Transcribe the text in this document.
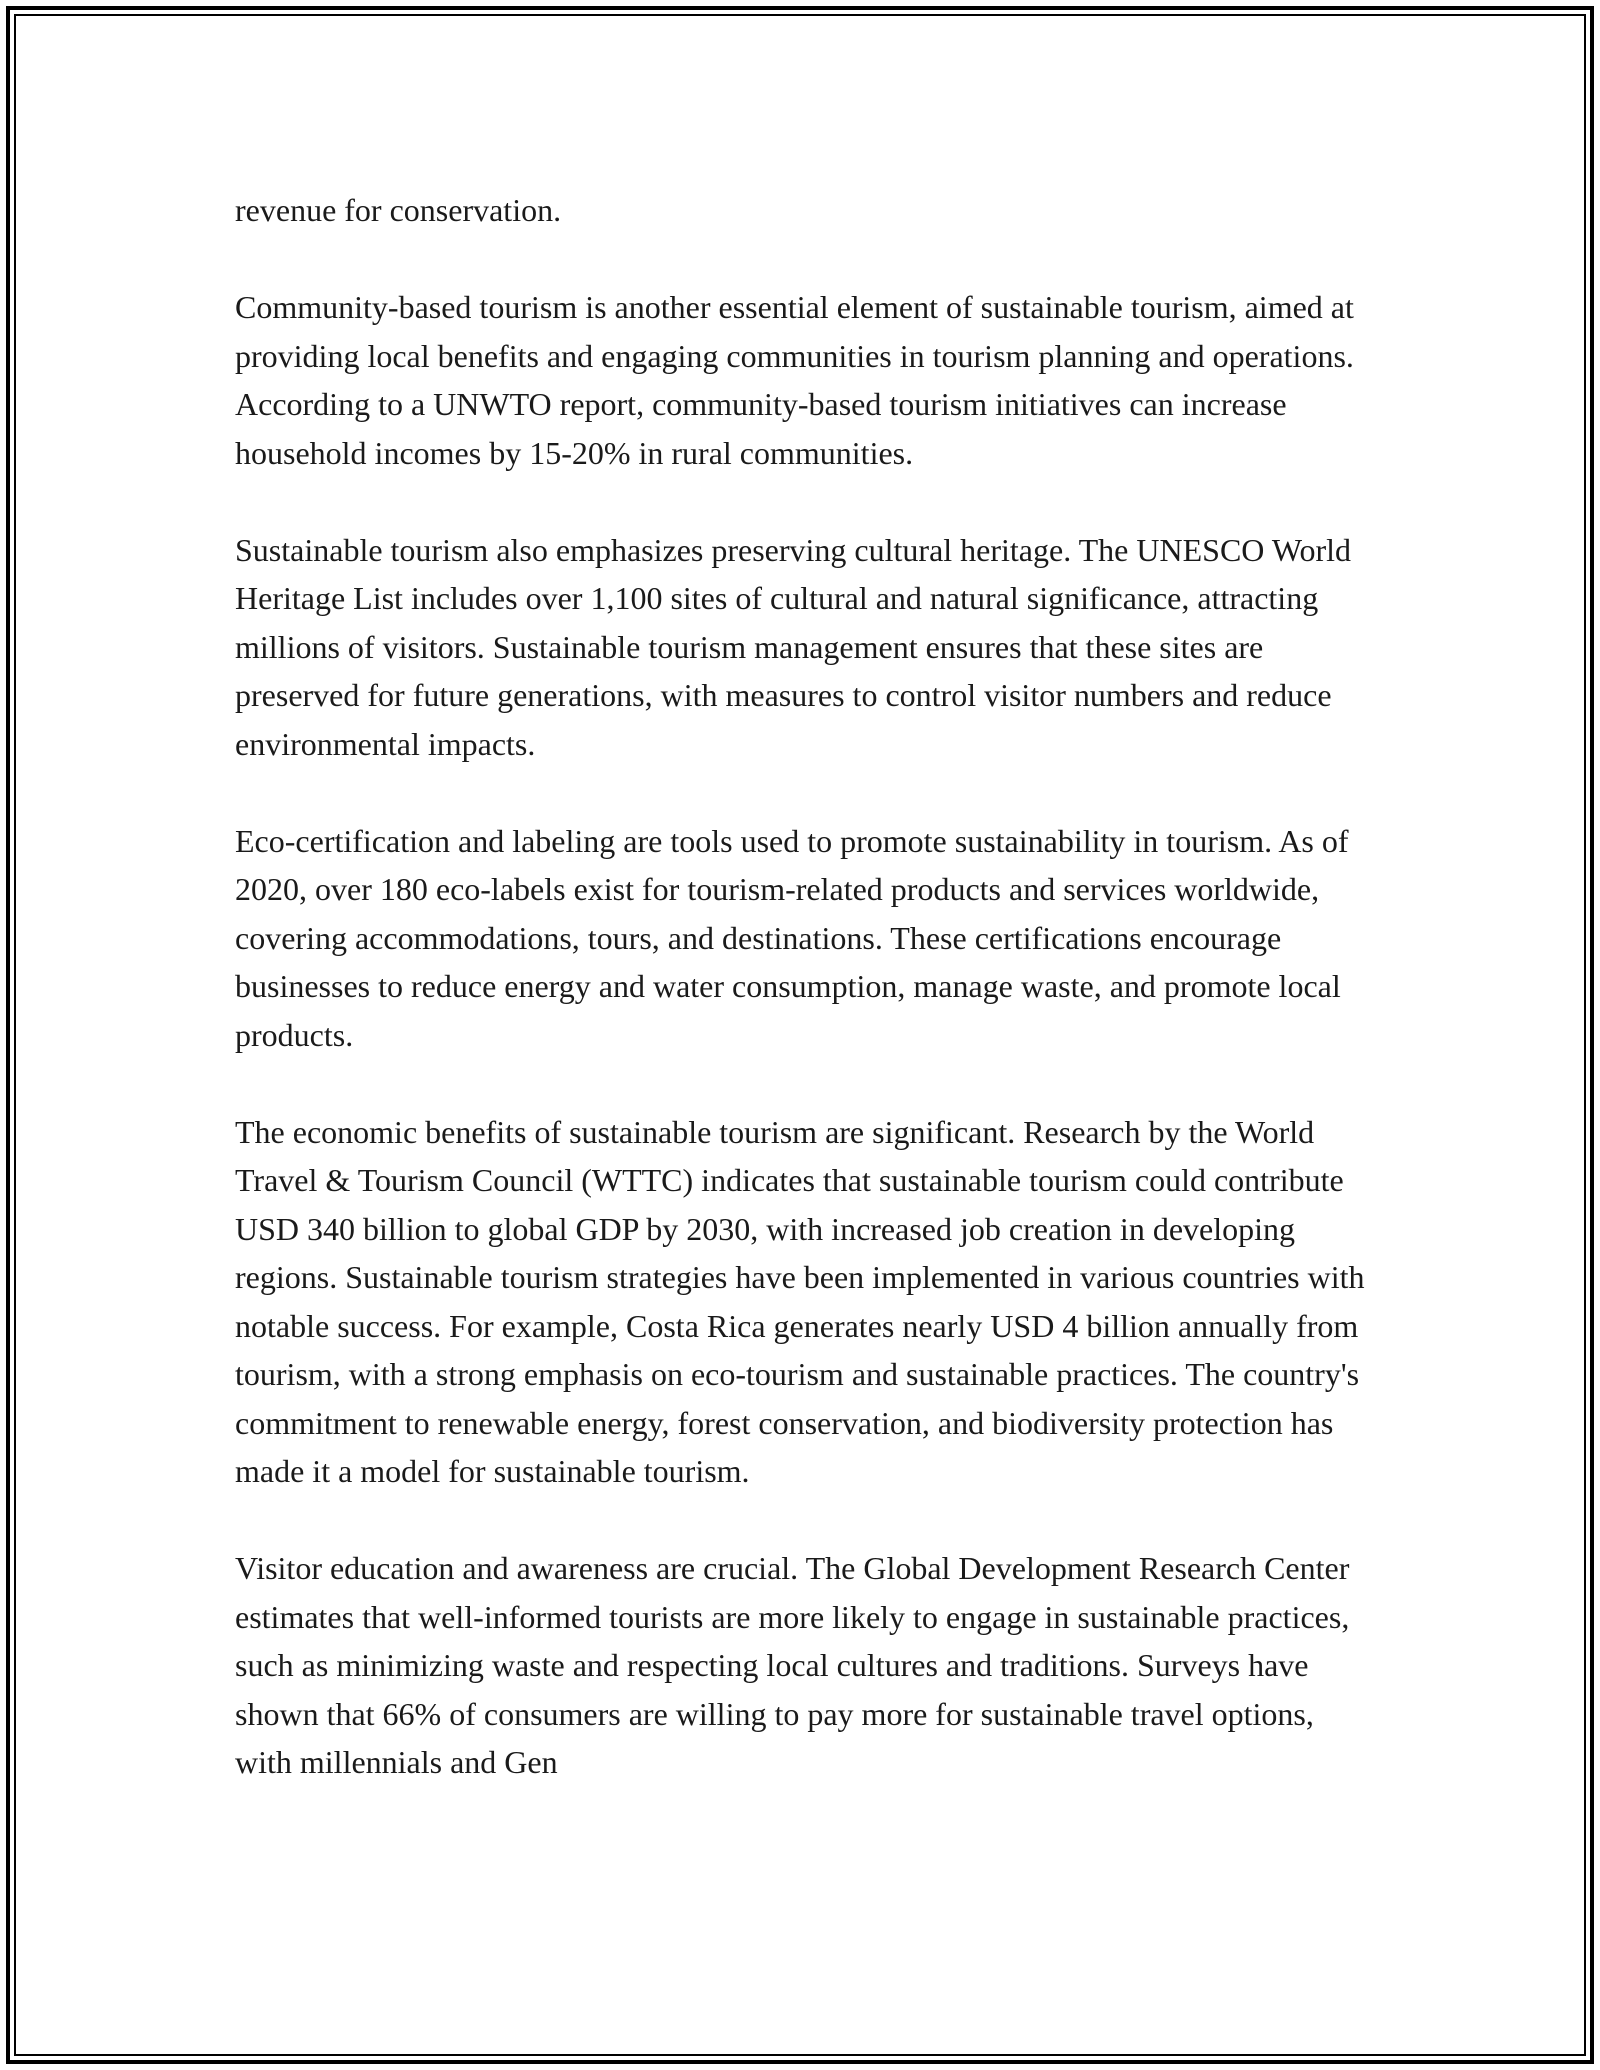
revenue for conservation.

Community-based tourism is another essential element of sustainable tourism, aimed at providing local benefits and engaging communities in tourism planning and operations. According to a UNWTO report, community-based tourism initiatives can increase household incomes by 15-20% in rural communities.

Sustainable tourism also emphasizes preserving cultural heritage. The UNESCO World Heritage List includes over 1,100 sites of cultural and natural significance, attracting millions of visitors. Sustainable tourism management ensures that these sites are preserved for future generations, with measures to control visitor numbers and reduce environmental impacts.

Eco-certification and labeling are tools used to promote sustainability in tourism. As of 2020, over 180 eco-labels exist for tourism-related products and services worldwide, covering accommodations, tours, and destinations. These certifications encourage businesses to reduce energy and water consumption, manage waste, and promote local products.

The economic benefits of sustainable tourism are significant. Research by the World Travel & Tourism Council (WTTC) indicates that sustainable tourism could contribute USD 340 billion to global GDP by 2030, with increased job creation in developing regions. Sustainable tourism strategies have been implemented in various countries with notable success. For example, Costa Rica generates nearly USD 4 billion annually from tourism, with a strong emphasis on eco-tourism and sustainable practices. The country's commitment to renewable energy, forest conservation, and biodiversity protection has made it a model for sustainable tourism.

Visitor education and awareness are crucial. The Global Development Research Center estimates that well-informed tourists are more likely to engage in sustainable practices, such as minimizing waste and respecting local cultures and traditions. Surveys have shown that 66% of consumers are willing to pay more for sustainable travel options, with millennials and Gen
